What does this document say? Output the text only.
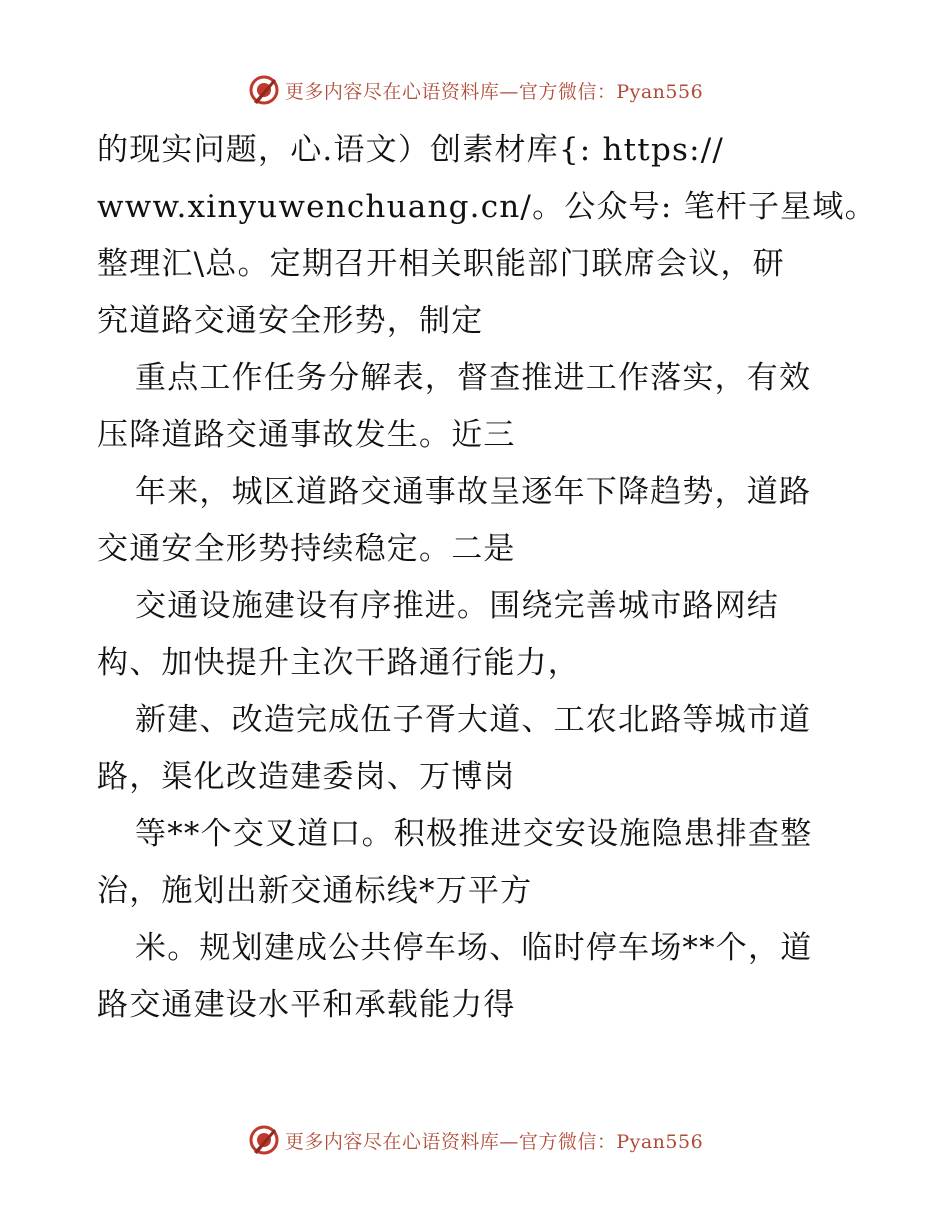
更多内容尽在心语资料库—官方微信：Pyan556
的现实问题，心.语文）创素材库{: https://
www.xinyuwenchuang.cn/。公众号: 笔杆子星域。
整理汇\总。定期召开相关职能部门联席会议，研
究道路交通安全形势，制定
重点工作任务分解表，督查推进工作落实，有效
压降道路交通事故发生。近三
年来，城区道路交通事故呈逐年下降趋势，道路
交通安全形势持续稳定。二是
交通设施建设有序推进。围绕完善城市路网结
构、加快提升主次干路通行能力，
新建、改造完成伍子胥大道、工农北路等城市道
路，渠化改造建委岗、万博岗
等**个交叉道口。积极推进交安设施隐患排查整
治，施划出新交通标线*万平方
米。规划建成公共停车场、临时停车场**个，道
路交通建设水平和承载能力得
更多内容尽在心语资料库—官方微信：Pyan556
